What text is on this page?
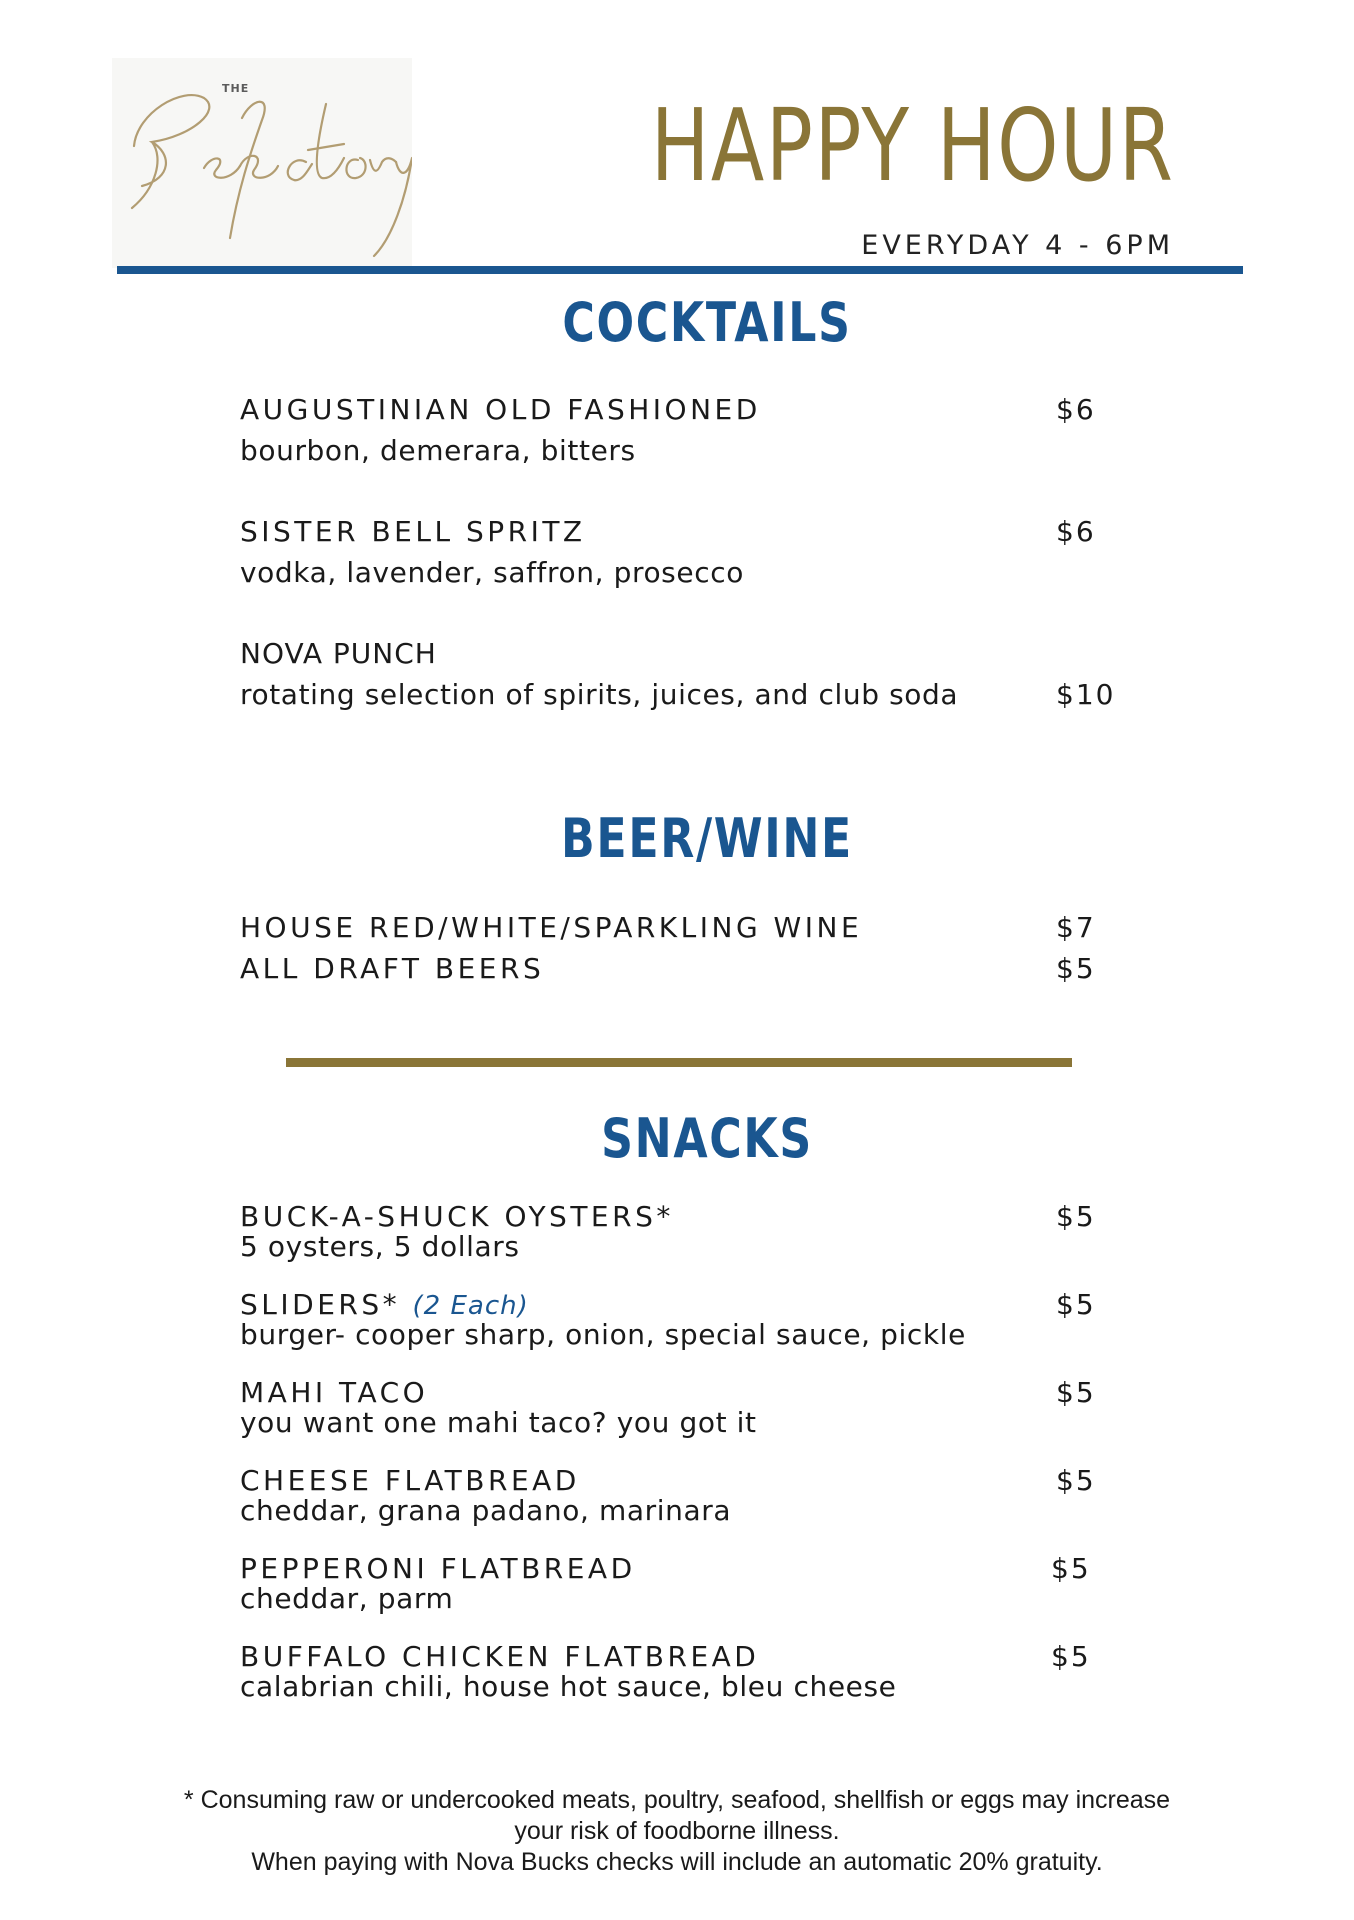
THE	HAPPY HOUR
EVERYDAY 4 - 6PM
COCKTAILS
AUGUSTINIAN OLD FASHIONED	$6
bourbon, demerara, bitters
SISTER BELL SPRITZ	$6
vodka, lavender, saffron, prosecco
NOVA PUNCH
rotating selection of spirits, juices, and club soda	$10
BEER/WINE
HOUSE RED/WHITE/SPARKLING WINE	$7
ALL DRAFT BEERS	$5
SNACKS
BUCK-A-SHUCK OYSTERS*	$5
5 oysters, 5 dollars
SLIDERS* (2 Each)	$5
burger- cooper sharp, onion, special sauce, pickle
MAHI TACO	$5
you want one mahi taco? you got it
CHEESE FLATBREAD	$5
cheddar, grana padano, marinara
PEPPERONI FLATBREAD	$5
cheddar, parm
BUFFALO CHICKEN FLATBREAD	$5
calabrian chili, house hot sauce, bleu cheese
* Consuming raw or undercooked meats, poultry, seafood, shellfish or eggs may increase
your risk of foodborne illness.
When paying with Nova Bucks checks will include an automatic 20% gratuity.
